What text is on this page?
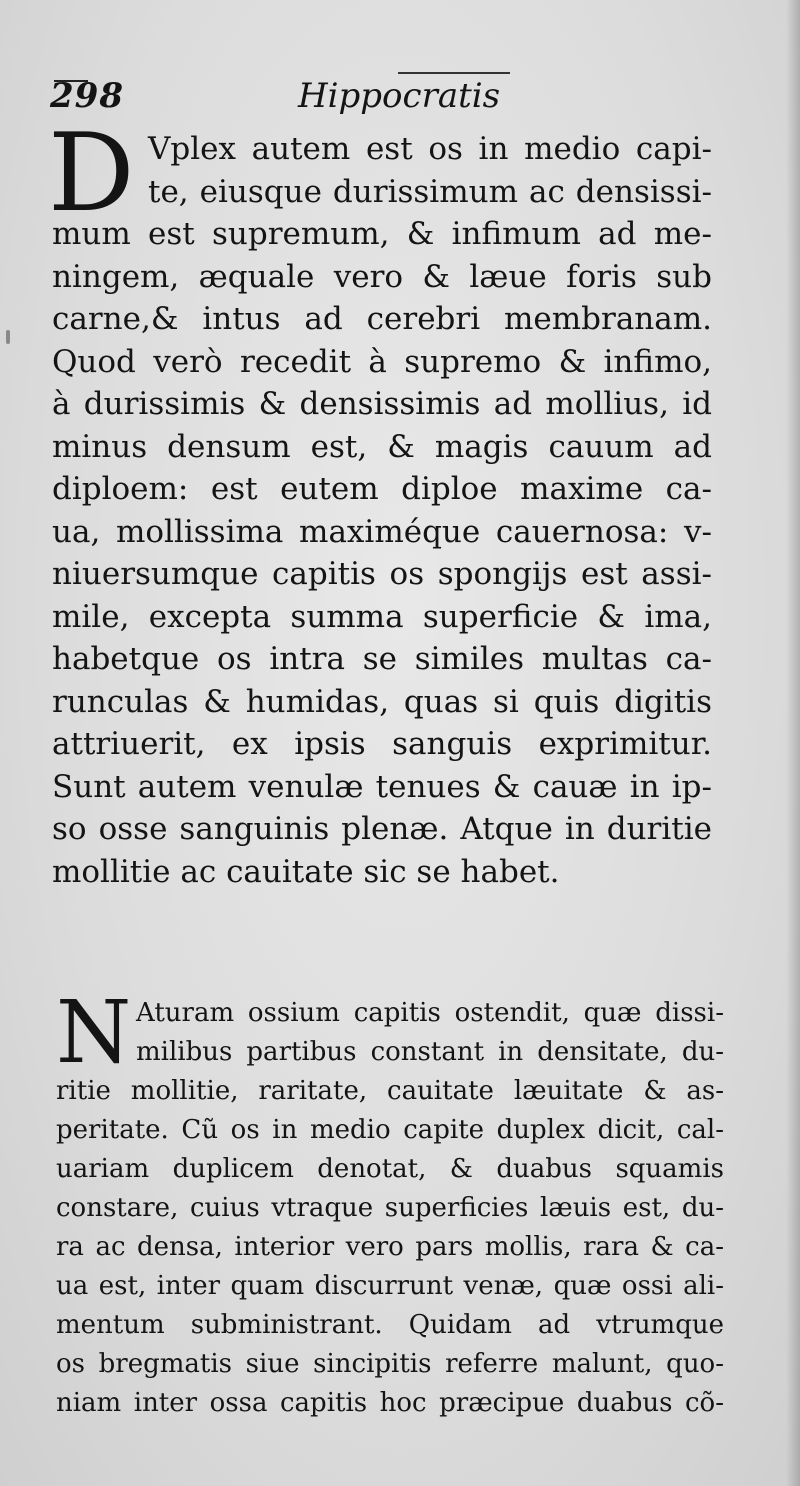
298	Hippocratis
D Vplex autem est os in medio capi-
te, eiusque durissimum ac densissi-
mum est supremum, & infimum ad me-
ningem, æquale vero & læue foris sub
carne,& intus ad cerebri membranam.
Quod verò recedit à supremo & infimo,
à durissimis & densissimis ad mollius, id
minus densum est, & magis cauum ad
diploem: est eutem diploe maxime ca-
ua, mollissima maximéque cauernosa: v-
niuersumque capitis os spongijs est assi-
mile, excepta summa superficie & ima,
habetque os intra se similes multas ca-
runculas & humidas, quas si quis digitis
attriuerit, ex ipsis sanguis exprimitur.
Sunt autem venulæ tenues & cauæ in ip-
so osse sanguinis plenæ. Atque in duritie
mollitie ac cauitate sic se habet.
N Aturam ossium capitis ostendit, quæ dissi-
milibus partibus constant in densitate, du-
ritie mollitie, raritate, cauitate læuitate & as-
peritate. Cũ os in medio capite duplex dicit, cal-
uariam duplicem denotat, & duabus squamis
constare, cuius vtraque superficies læuis est, du-
ra ac densa, interior vero pars mollis, rara & ca-
ua est, inter quam discurrunt venæ, quæ ossi ali-
mentum subministrant. Quidam ad vtrumque
os bregmatis siue sincipitis referre malunt, quo-
niam inter ossa capitis hoc præcipue duabus cõ-
